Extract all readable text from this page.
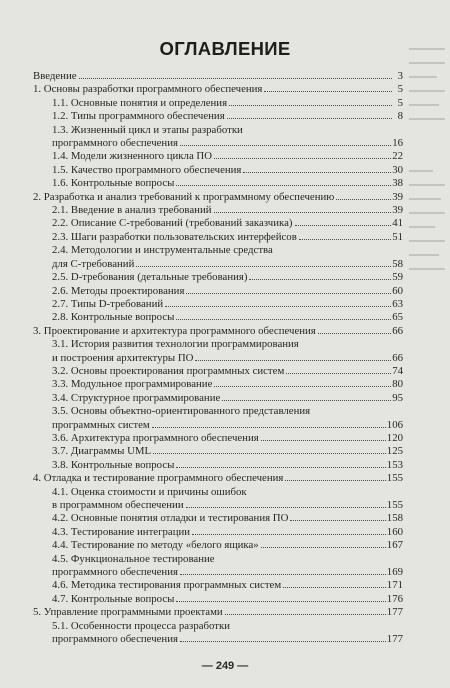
ОГЛАВЛЕНИЕ
Введение	3
1. Основы разработки программного обеспечения	5
1.1. Основные понятия и определения	5
1.2. Типы программного обеспечения	8
1.3. Жизненный цикл и этапы разработки
программного обеспечения	16
1.4. Модели жизненного цикла ПО	22
1.5. Качество программного обеспечения	30
1.6. Контрольные вопросы	38
2. Разработка и анализ требований к программному обеспечению	39
2.1. Введение в анализ требований	39
2.2. Описание С-требований (требований заказчика)	41
2.3. Шаги разработки пользовательских интерфейсов	51
2.4. Методологии и инструментальные средства
для С-требований	58
2.5. D-требования (детальные требования)	59
2.6. Методы проектирования	60
2.7. Типы D-требований	63
2.8. Контрольные вопросы	65
3. Проектирование и архитектура программного обеспечения	66
3.1. История развития технологии программирования
и построения архитектуры ПО	66
3.2. Основы проектирования программных систем	74
3.3. Модульное программирование	80
3.4. Структурное программирование	95
3.5. Основы объектно-ориентированного представления
программных систем	106
3.6. Архитектура программного обеспечения	120
3.7. Диаграммы UML	125
3.8. Контрольные вопросы	153
4. Отладка и тестирование программного обеспечения	155
4.1. Оценка стоимости и причины ошибок
в программном обеспечении	155
4.2. Основные понятия отладки и тестирования ПО	158
4.3. Тестирование интеграции	160
4.4. Тестирование по методу «белого ящика»	167
4.5. Функциональное тестирование
программного обеспечения	169
4.6. Методика тестирования программных систем	171
4.7. Контрольные вопросы	176
5. Управление программными проектами	177
5.1. Особенности процесса разработки
программного обеспечения	177
— 249 —
